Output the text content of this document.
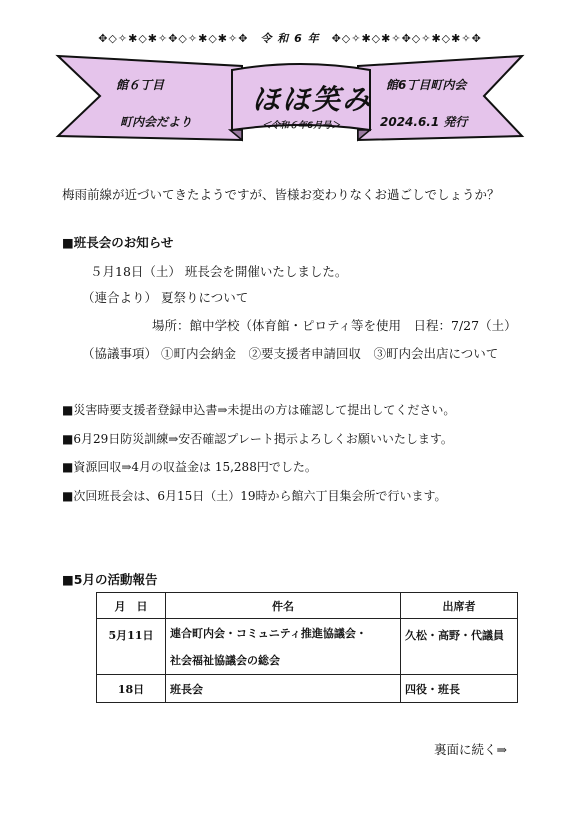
✥◇✧✱◇✱✧✥◇✧✱◇✱✧✥　令 和 6 年　✥◇✧✱◇✱✧✥◇✧✱◇✱✧✥
館６丁目
町内会だより
ほほ笑み
＜令和６年6月号＞
館6丁目町内会
2024.6.1 発行
梅雨前線が近づいてきたようですが、皆様お変わりなくお過ごしでしょうか？
■班長会のお知らせ
５月18日（土） 班長会を開催いたしました。
（連合より） 夏祭りについて
場所：館中学校（体育館・ピロティ等を使用　日程：7/27（土）
（協議事項） ①町内会納金　②要支援者申請回収　③町内会出店について
■災害時要支援者登録申込書⇒未提出の方は確認して提出してください。
■6月29日防災訓練⇒安否確認プレート掲示よろしくお願いいたします。
■資源回収⇒4月の収益金は 15,288円でした。
■次回班長会は、6月15日（土）19時から館六丁目集会所で行います。
■5月の活動報告
月　日	件名	出席者
5月11日	連合町内会・コミュニティ推進協議会・	久松・高野・代議員
	社会福祉協議会の総会	
18日	班長会	四役・班長
裏面に続く⇒
